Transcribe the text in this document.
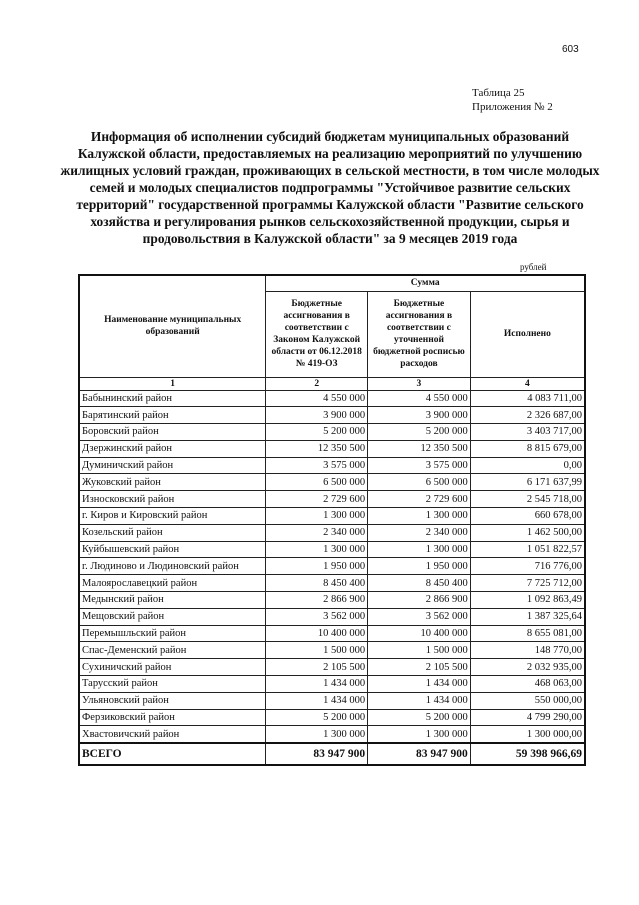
603
Таблица 25
Приложения № 2
Информация об исполнении субсидий бюджетам муниципальных образований Калужской области, предоставляемых на реализацию мероприятий по улучшению жилищных условий граждан, проживающих в сельской местности, в том числе молодых семей и молодых специалистов подпрограммы "Устойчивое развитие сельских территорий" государственной программы Калужской области "Развитие сельского хозяйства и регулирования рынков сельскохозяйственной продукции, сырья и продовольствия в Калужской области" за 9 месяцев 2019 года
рублей
Наименование муниципальных образований	Сумма		
	Бюджетные ассигнования в соответствии с Законом Калужской области от 06.12.2018 № 419-ОЗ	Бюджетные ассигнования в соответствии с уточненной бюджетной росписью расходов	Исполнено
1	2	3	4
Бабынинский район	4 550 000	4 550 000	4 083 711,00
Барятинский район	3 900 000	3 900 000	2 326 687,00
Боровский район	5 200 000	5 200 000	3 403 717,00
Дзержинский район	12 350 500	12 350 500	8 815 679,00
Думиничский район	3 575 000	3 575 000	0,00
Жуковский район	6 500 000	6 500 000	6 171 637,99
Износковский район	2 729 600	2 729 600	2 545 718,00
г. Киров и Кировский район	1 300 000	1 300 000	660 678,00
Козельский район	2 340 000	2 340 000	1 462 500,00
Куйбышевский район	1 300 000	1 300 000	1 051 822,57
г. Людиново и Людиновский район	1 950 000	1 950 000	716 776,00
Малоярославецкий район	8 450 400	8 450 400	7 725 712,00
Медынский район	2 866 900	2 866 900	1 092 863,49
Мещовский район	3 562 000	3 562 000	1 387 325,64
Перемышльский район	10 400 000	10 400 000	8 655 081,00
Спас-Деменский район	1 500 000	1 500 000	148 770,00
Сухиничский район	2 105 500	2 105 500	2 032 935,00
Тарусский район	1 434 000	1 434 000	468 063,00
Ульяновский район	1 434 000	1 434 000	550 000,00
Ферзиковский район	5 200 000	5 200 000	4 799 290,00
Хвастовичский район	1 300 000	1 300 000	1 300 000,00
ВСЕГО	83 947 900	83 947 900	59 398 966,69
